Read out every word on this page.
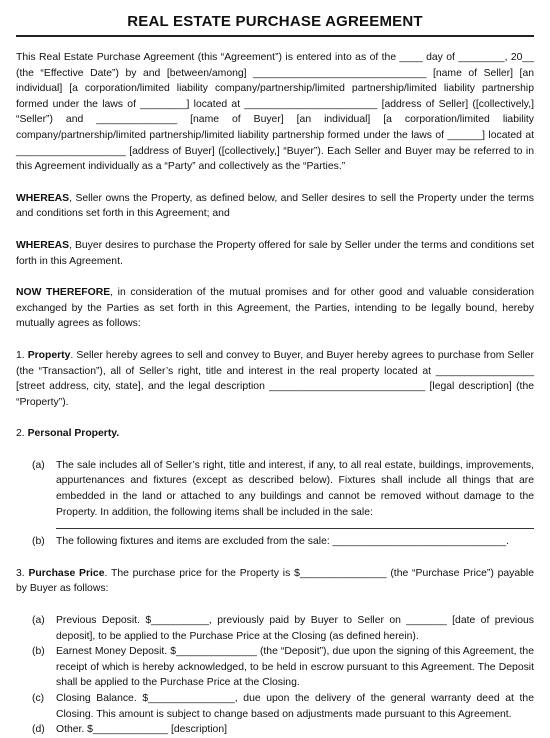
REAL ESTATE PURCHASE AGREEMENT

This Real Estate Purchase Agreement (this “Agreement”) is entered into as of the ____ day of ________, 20__ (the “Effective Date”) by and [between/among] ______________________________ [name of Seller] [an individual] [a corporation/limited liability company/partnership/limited partnership/limited liability partnership formed under the laws of ________] located at _______________________ [address of Seller] ([collectively,] “Seller”) and ______________ [name of Buyer] [an individual] [a corporation/limited liability company/partnership/limited partnership/limited liability partnership formed under the laws of ______] located at ___________________ [address of Buyer] ([collectively,] “Buyer”). Each Seller and Buyer may be referred to in this Agreement individually as a “Party” and collectively as the “Parties.”

WHEREAS, Seller owns the Property, as defined below, and Seller desires to sell the Property under the terms and conditions set forth in this Agreement; and

WHEREAS, Buyer desires to purchase the Property offered for sale by Seller under the terms and conditions set forth in this Agreement.

NOW THEREFORE, in consideration of the mutual promises and for other good and valuable consideration exchanged by the Parties as set forth in this Agreement, the Parties, intending to be legally bound, hereby mutually agrees as follows:

1. Property. Seller hereby agrees to sell and convey to Buyer, and Buyer hereby agrees to purchase from Seller (the “Transaction”), all of Seller’s right, title and interest in the real property located at _________________ [street address, city, state], and the legal description ___________________________ [legal description] (the “Property”).

2. Personal Property.

(a)	The sale includes all of Seller’s right, title and interest, if any, to all real estate, buildings, improvements, appurtenances and fixtures (except as described below). Fixtures shall include all things that are embedded in the land or attached to any buildings and cannot be removed without damage to the Property. In addition, the following items shall be included in the sale:
(b)	The following fixtures and items are excluded from the sale: ______________________________.

3. Purchase Price. The purchase price for the Property is $_______________ (the “Purchase Price”) payable by Buyer as follows:

(a)	Previous Deposit. $__________, previously paid by Buyer to Seller on _______ [date of previous deposit], to be applied to the Purchase Price at the Closing (as defined herein).
(b)	Earnest Money Deposit. $______________ (the “Deposit”), due upon the signing of this Agreement, the receipt of which is hereby acknowledged, to be held in escrow pursuant to this Agreement. The Deposit shall be applied to the Purchase Price at the Closing.
(c)	Closing Balance. $_______________, due upon the delivery of the general warranty deed at the Closing. This amount is subject to change based on adjustments made pursuant to this Agreement.
(d)	Other. $_____________ [description]
